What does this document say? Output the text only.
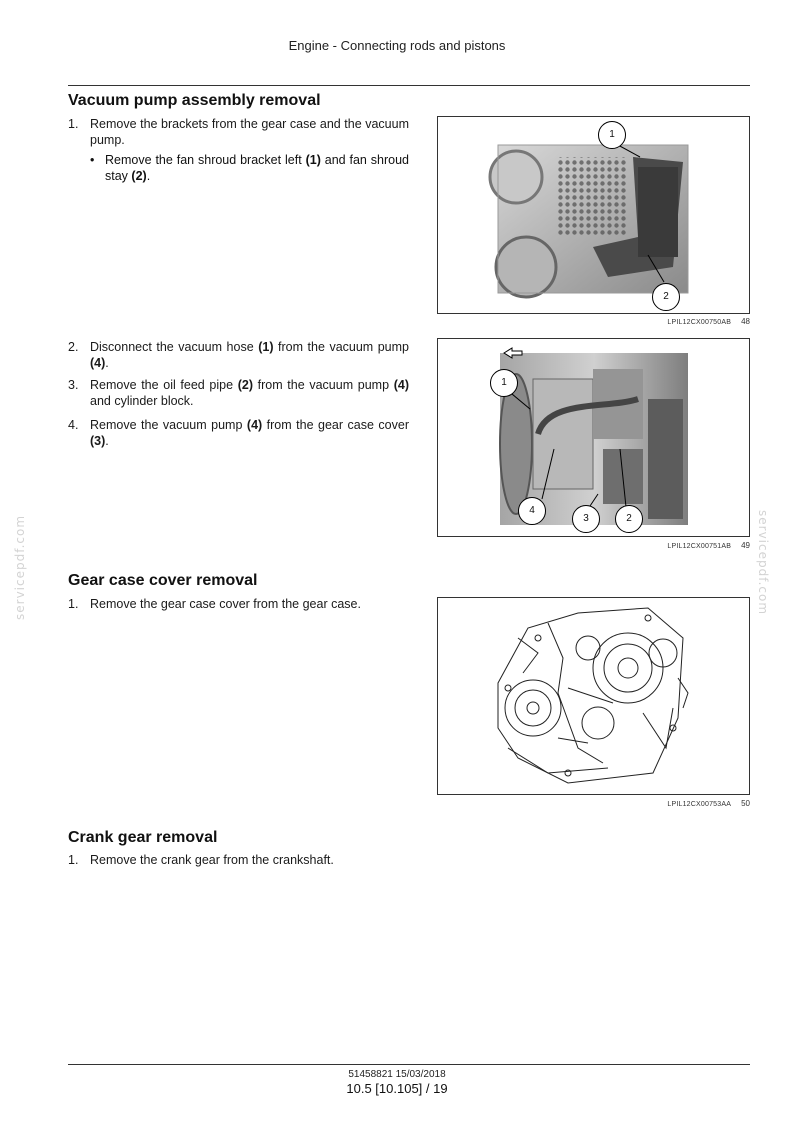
Engine - Connecting rods and pistons
Vacuum pump assembly removal
1. Remove the brackets from the gear case and the vacuum pump.
• Remove the fan shroud bracket left (1) and fan shroud stay (2).
2. Disconnect the vacuum hose (1) from the vacuum pump (4).
3. Remove the oil feed pipe (2) from the vacuum pump (4) and cylinder block.
4. Remove the vacuum pump (4) from the gear case cover (3).
1
2
LPIL12CX00750AB 48
1
4
3	2
LPIL12CX00751AB 49
Gear case cover removal
1. Remove the gear case cover from the gear case.
LPIL12CX00753AA 50
Crank gear removal
1. Remove the crank gear from the crankshaft.
servicepdf.com	servicepdf.com
51458821 15/03/2018
10.5 [10.105] / 19
